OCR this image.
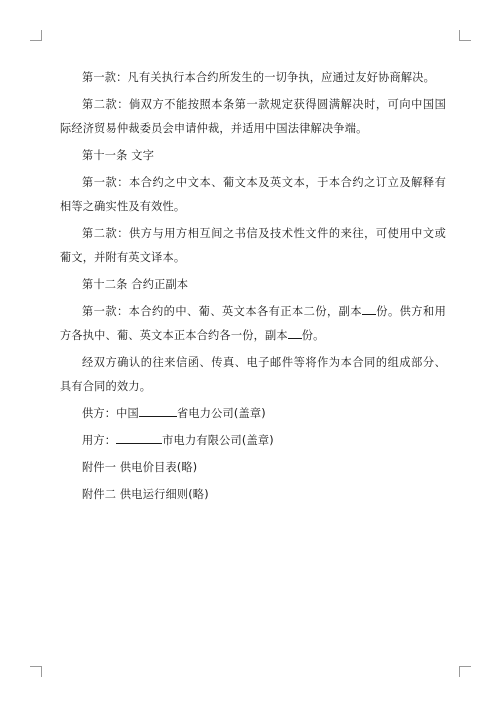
第一款：凡有关执行本合约所发生的一切争执，应通过友好协商解决。

第二款：倘双方不能按照本条第一款规定获得圆满解决时，可向中国国际经济贸易仲裁委员会申请仲裁，并适用中国法律解决争端。

第十一条 文字

第一款：本合约之中文本、葡文本及英文本，于本合约之订立及解释有相等之确实性及有效性。

第二款：供方与用方相互间之书信及技术性文件的来往，可使用中文或葡文，并附有英文译本。

第十二条 合约正副本

第一款：本合约的中、葡、英文本各有正本二份，副本 份。供方和用方各执中、葡、英文本正本合约各一份，副本 份。

经双方确认的往来信函、传真、电子邮件等将作为本合同的组成部分、具有合同的效力。

供方：中国	省电力公司(盖章)

用方：	市电力有限公司(盖章)

附件一 供电价目表(略)

附件二 供电运行细则(略)
